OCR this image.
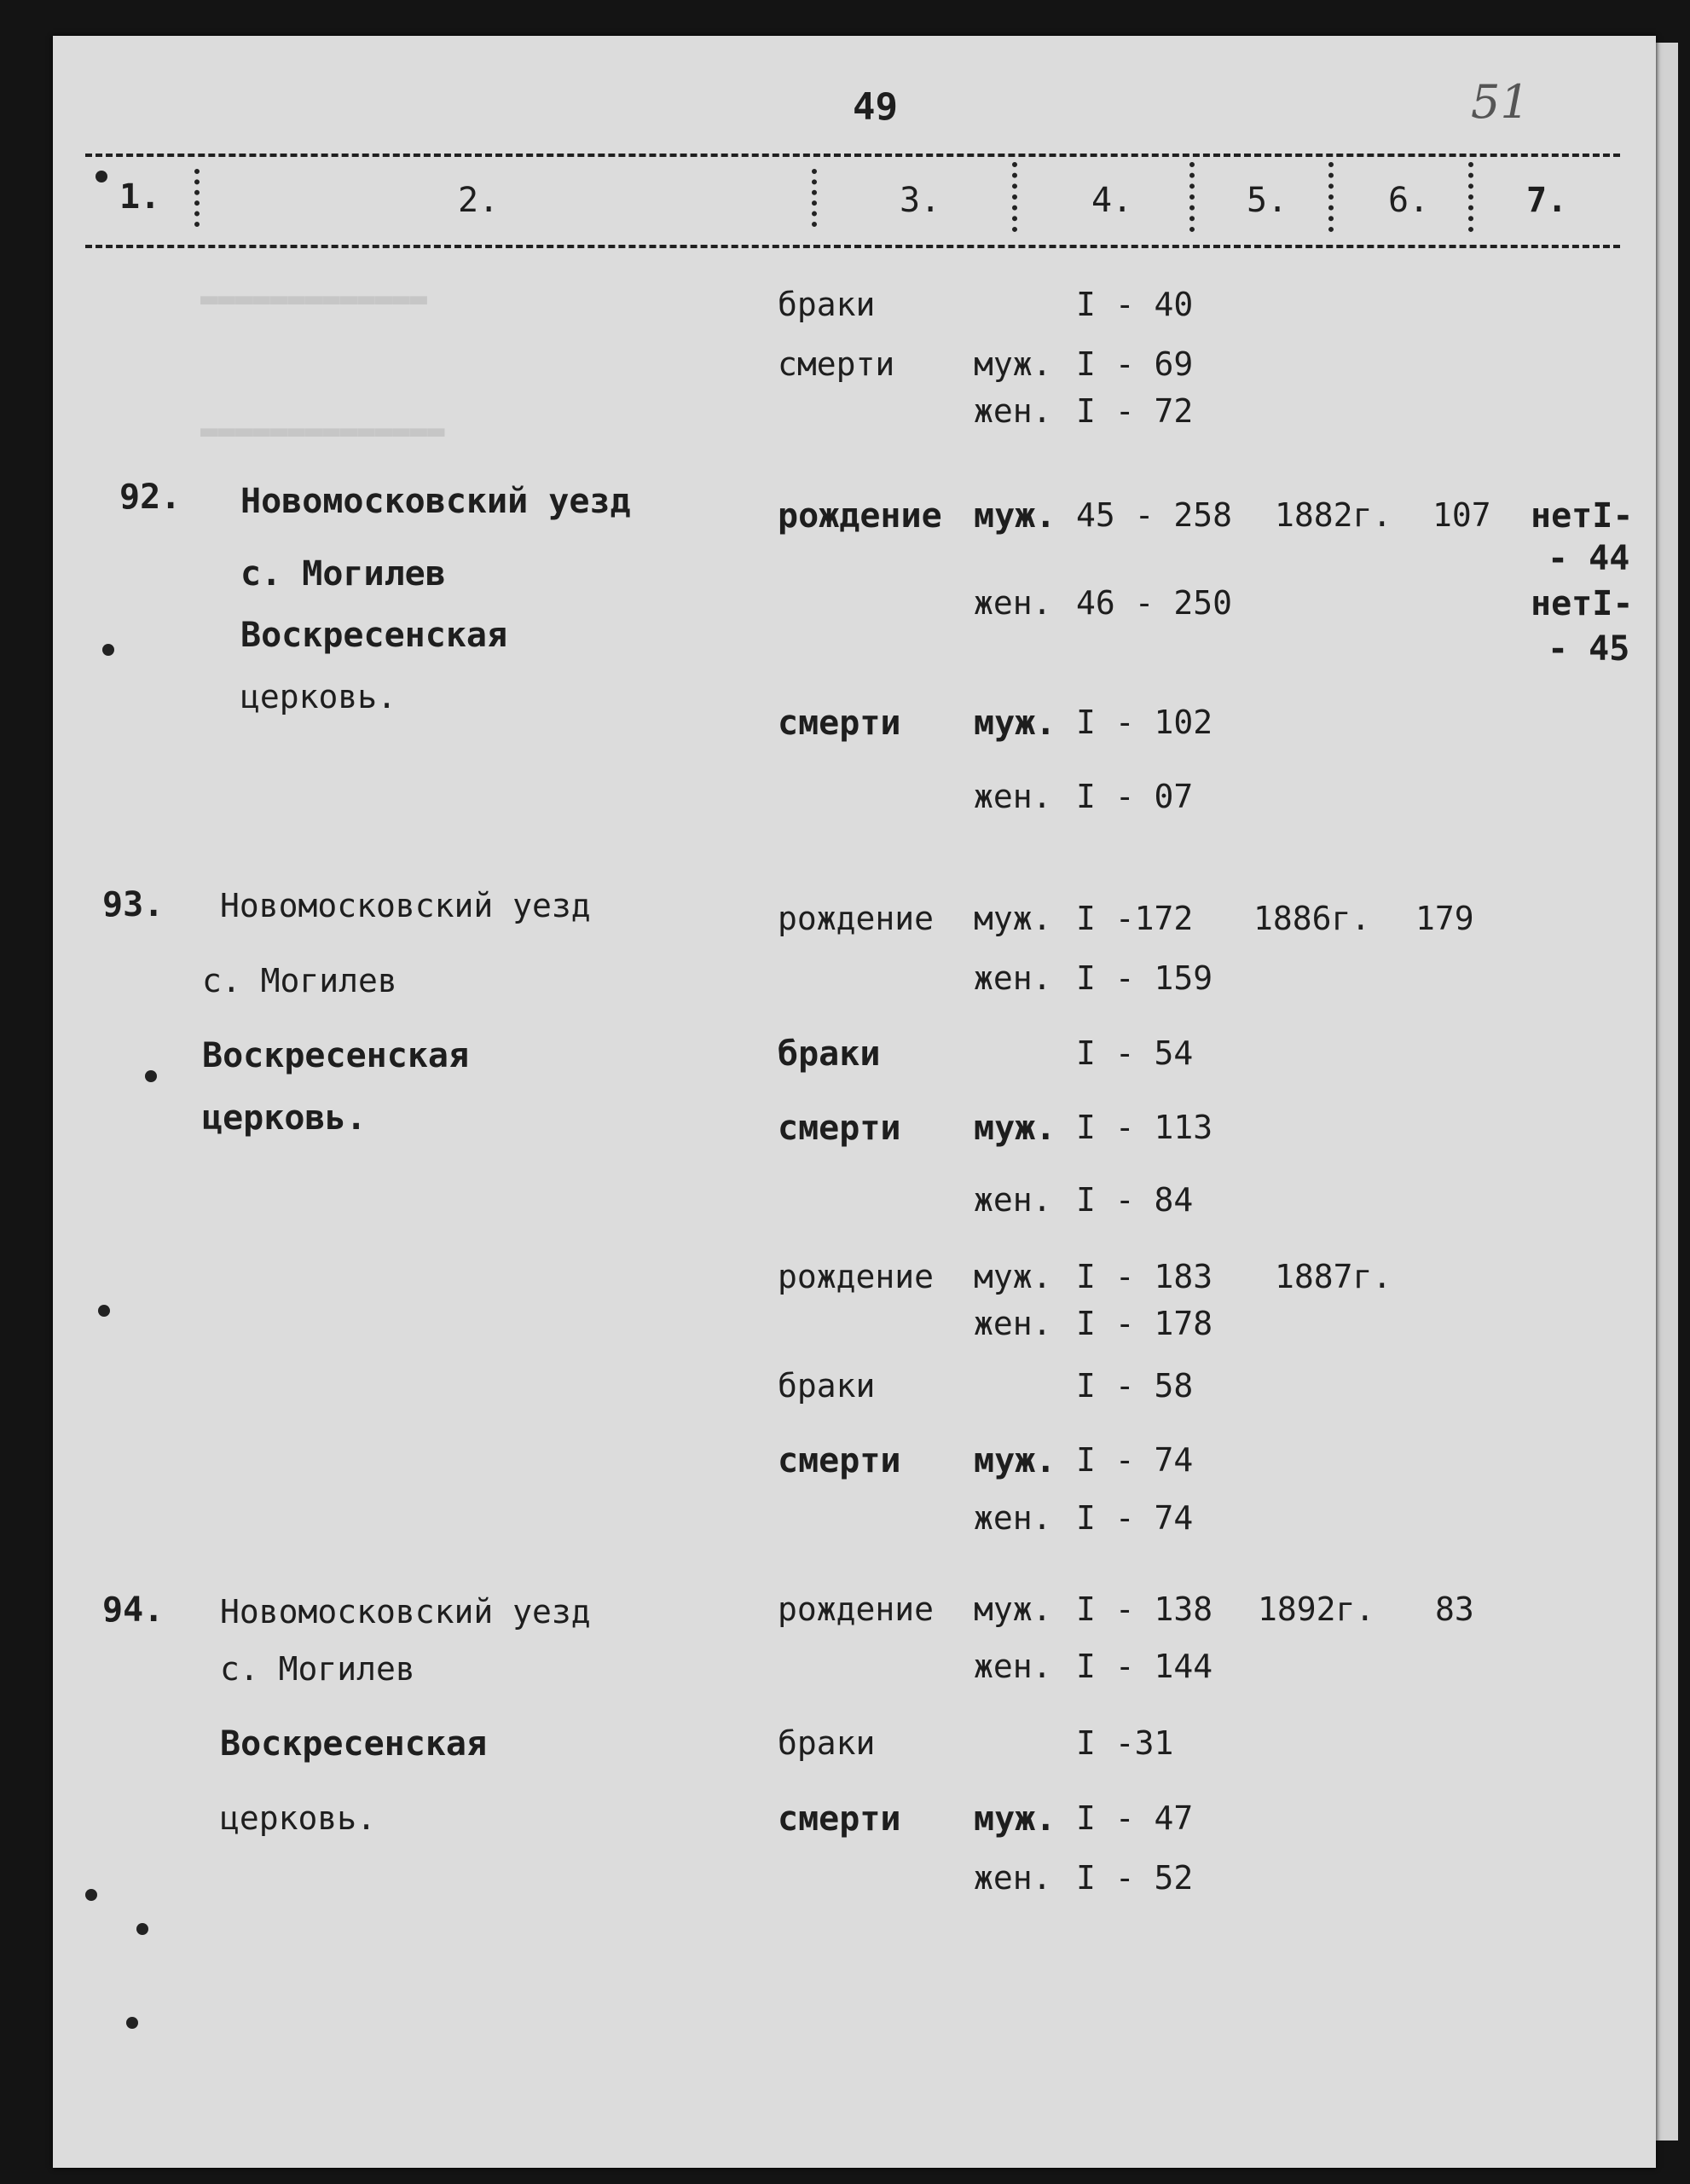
▬▬▬▬▬▬▬▬▬▬▬▬▬
▬▬▬▬▬▬▬▬▬▬▬▬▬▬
49	51
1.	2.	3.	4.	5.	6.	7.
браки	I - 40
смерти муж. I - 69
жен. I - 72
92. Новомосковский уезд
с. Могилев
Воскресенская
церковь.
рождение муж. 45 - 258 1882г. 107 нетI-
- 44
жен. 46 - 250	нетI-
- 45
смерти муж. I - 102
жен. I - 07
93. Новомосковский уезд
с. Могилев
Воскресенская
церковь.
рождение муж. I -172 1886г. 179
жен. I - 159
браки	I - 54
смерти муж. I - 113
жен. I - 84
рождение муж. I - 183 1887г.
жен. I - 178
браки	I - 58
смерти муж. I - 74
жен. I - 74
94. Новомосковский уезд
с. Могилев
Воскресенская
церковь.
рождение муж. I - 138 1892г. 83
жен. I - 144
браки	I -31
смерти муж. I - 47
жен. I - 52
